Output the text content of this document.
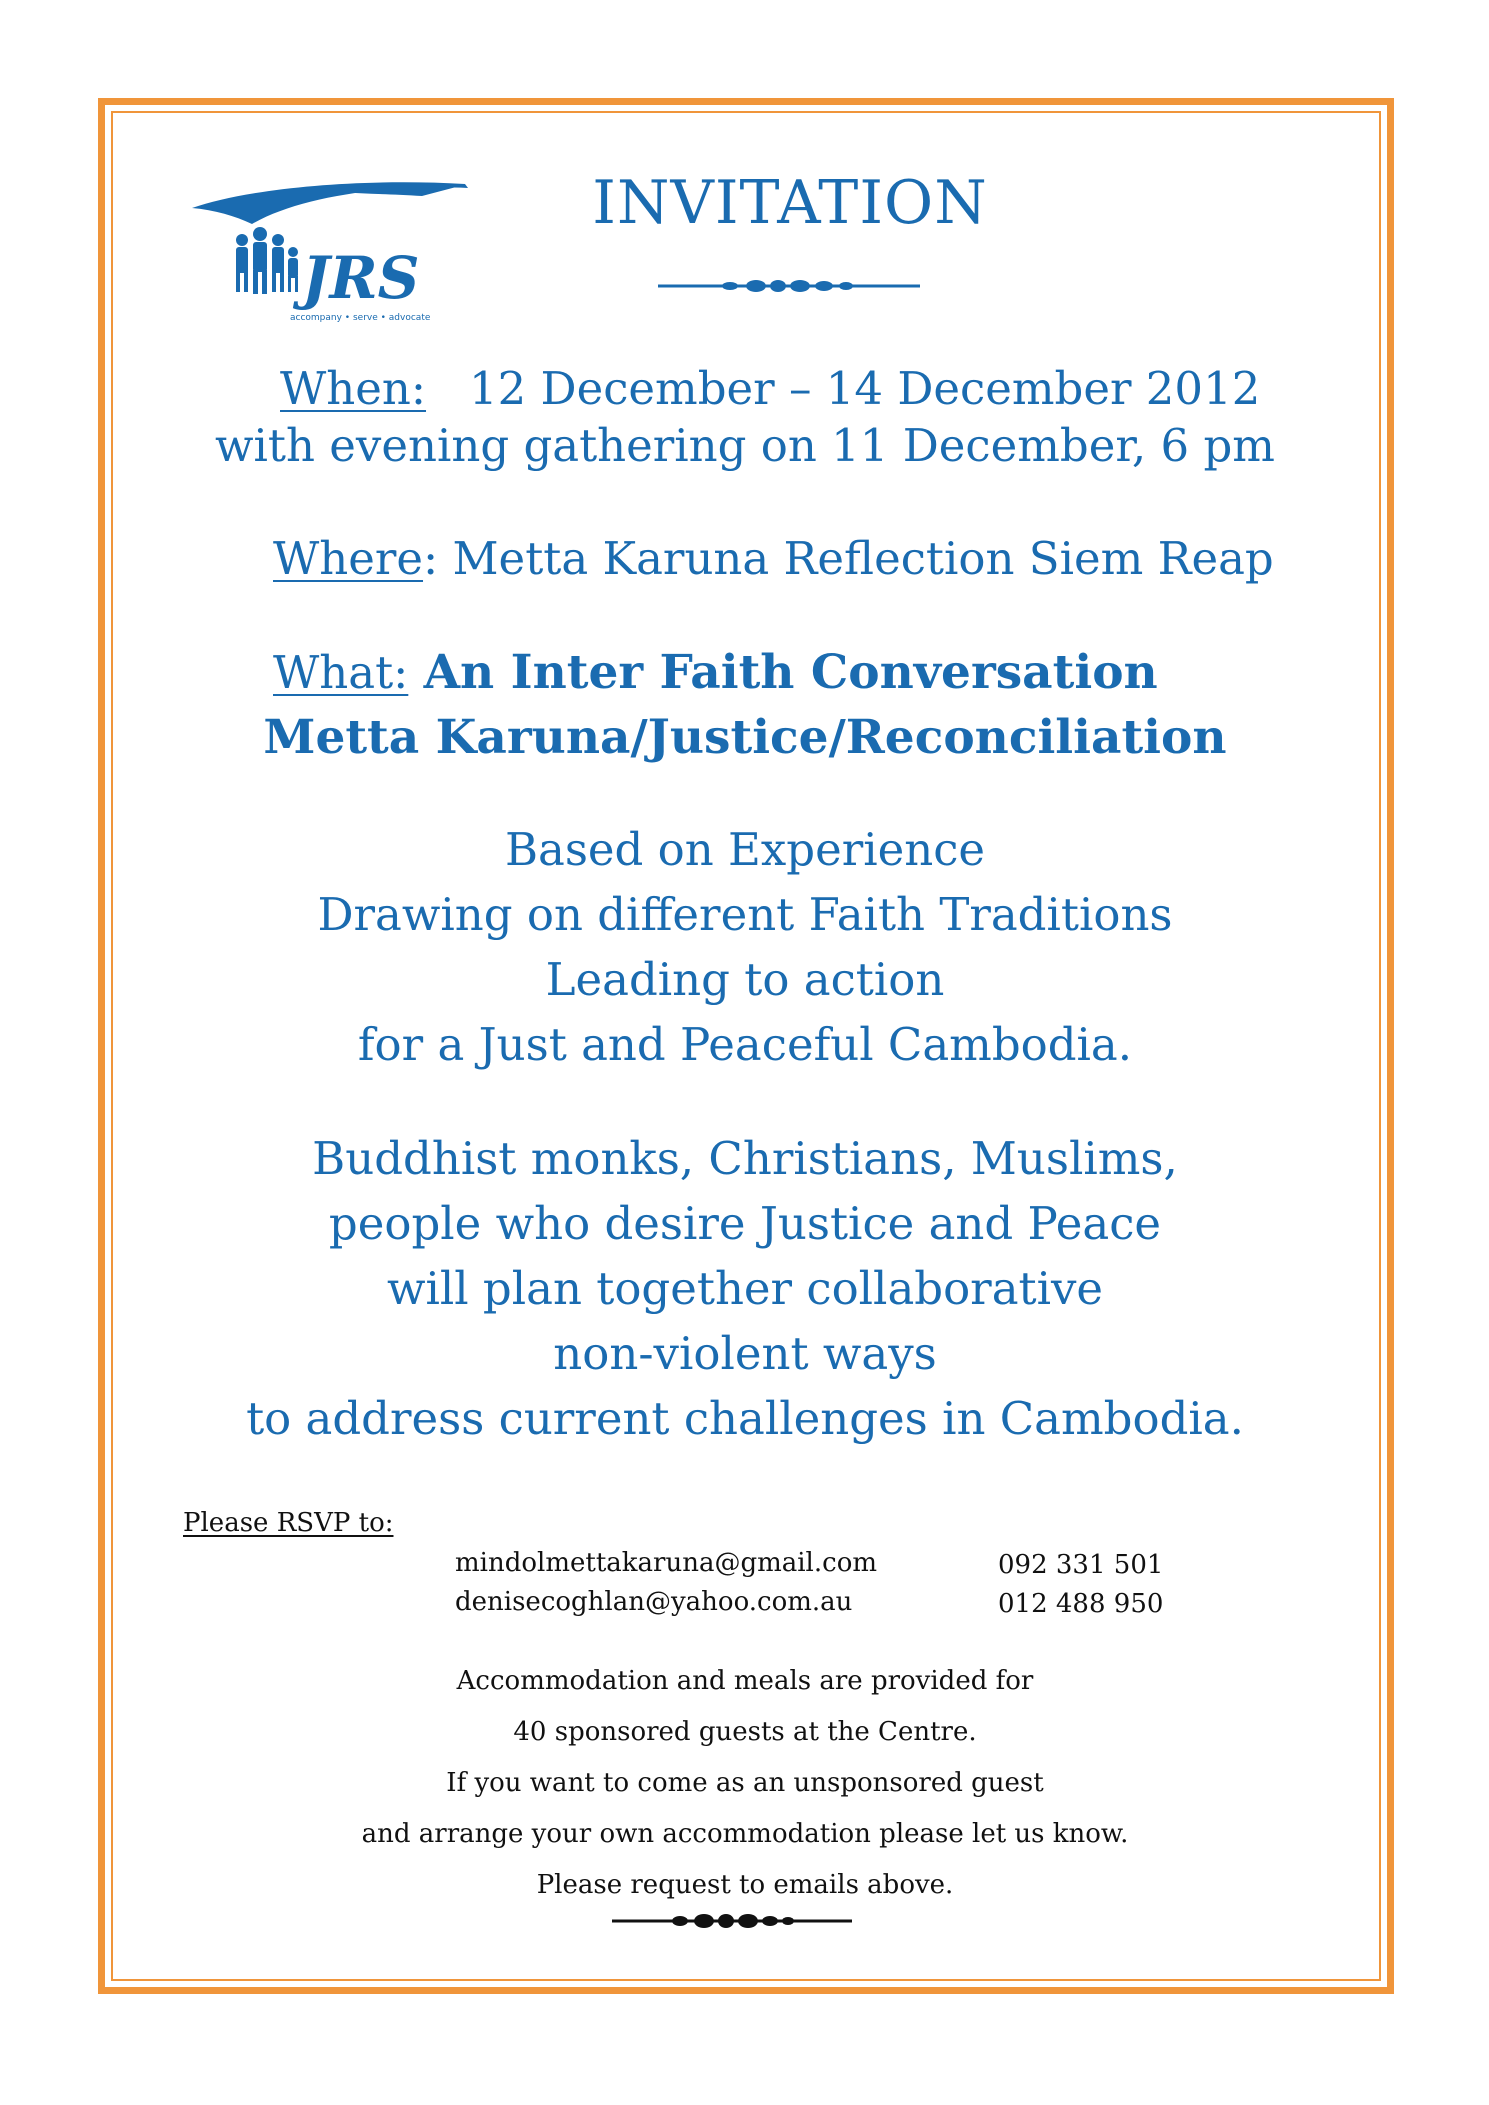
JRS
accompany • serve • advocate
INVITATION
When: 12 December – 14 December 2012
with evening gathering on 11 December, 6 pm
Where: Metta Karuna Reflection Siem Reap
What: An Inter Faith Conversation
Metta Karuna/Justice/Reconciliation
Based on Experience
Drawing on different Faith Traditions
Leading to action
for a Just and Peaceful Cambodia.
Buddhist monks, Christians, Muslims,
people who desire Justice and Peace
will plan together collaborative
non-violent ways
to address current challenges in Cambodia.
Please RSVP to:
mindolmettakaruna@gmail.com	092 331 501
denisecoghlan@yahoo.com.au	012 488 950
Accommodation and meals are provided for
40 sponsored guests at the Centre.
If you want to come as an unsponsored guest
and arrange your own accommodation please let us know.
Please request to emails above.
